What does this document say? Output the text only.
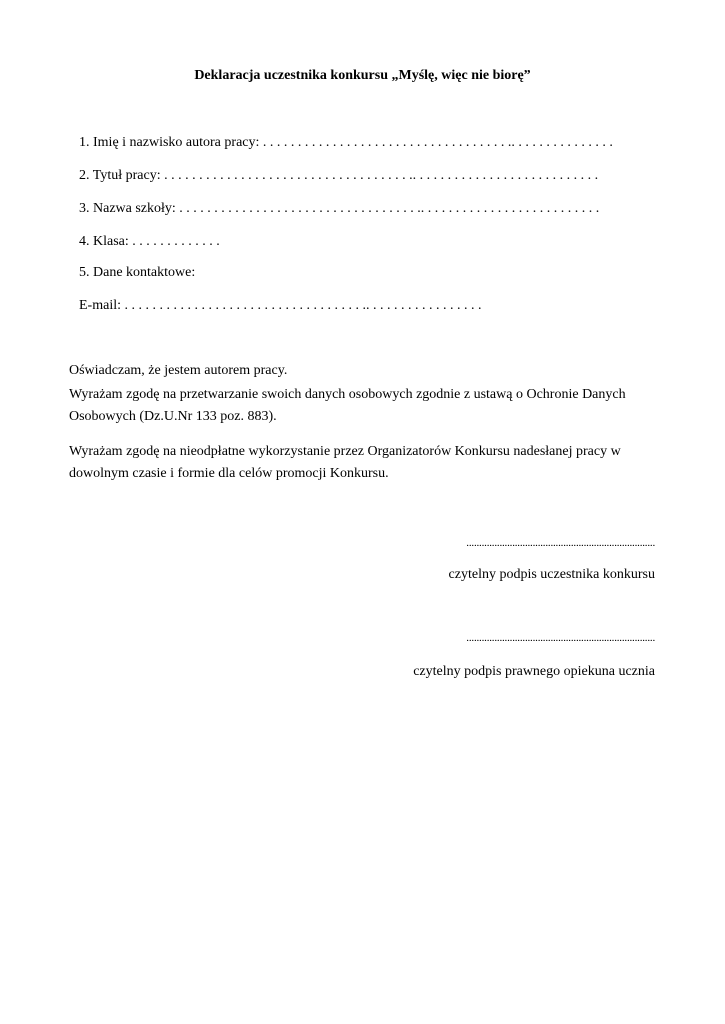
Deklaracja uczestnika konkursu „Myślę, więc nie biorę”
1. Imię i nazwisko autora pracy: . . . . . . . . . . . . . . . . . . . . . . . . . . . . . . . . . . . .. . . . . . . . . . . . . . .
2. Tytuł pracy: . . . . . . . . . . . . . . . . . . . . . . . . . . . . . . . . . . . .. . . . . . . . . . . . . . . . . . . . . . . . . . .
3. Nazwa szkoły: . . . . . . . . . . . . . . . . . . . . . . . . . . . . . . . . . . .. . . . . . . . . . . . . . . . . . . . . . . . . .
4. Klasa: . . . . . . . . . . . . .
5. Dane kontaktowe:
E-mail: . . . . . . . . . . . . . . . . . . . . . . . . . . . . . . . . . . .. . . . . . . . . . . . . . . . .
Oświadczam, że jestem autorem pracy.
Wyrażam zgodę na przetwarzanie swoich danych osobowych zgodnie z ustawą o Ochronie Danych Osobowych (Dz.U.Nr 133 poz. 883).
Wyrażam zgodę na nieodpłatne wykorzystanie przez Organizatorów Konkursu nadesłanej pracy w dowolnym czasie i formie dla celów promocji Konkursu.
..........................................................................
czytelny podpis uczestnika konkursu
..........................................................................
czytelny podpis prawnego opiekuna ucznia
